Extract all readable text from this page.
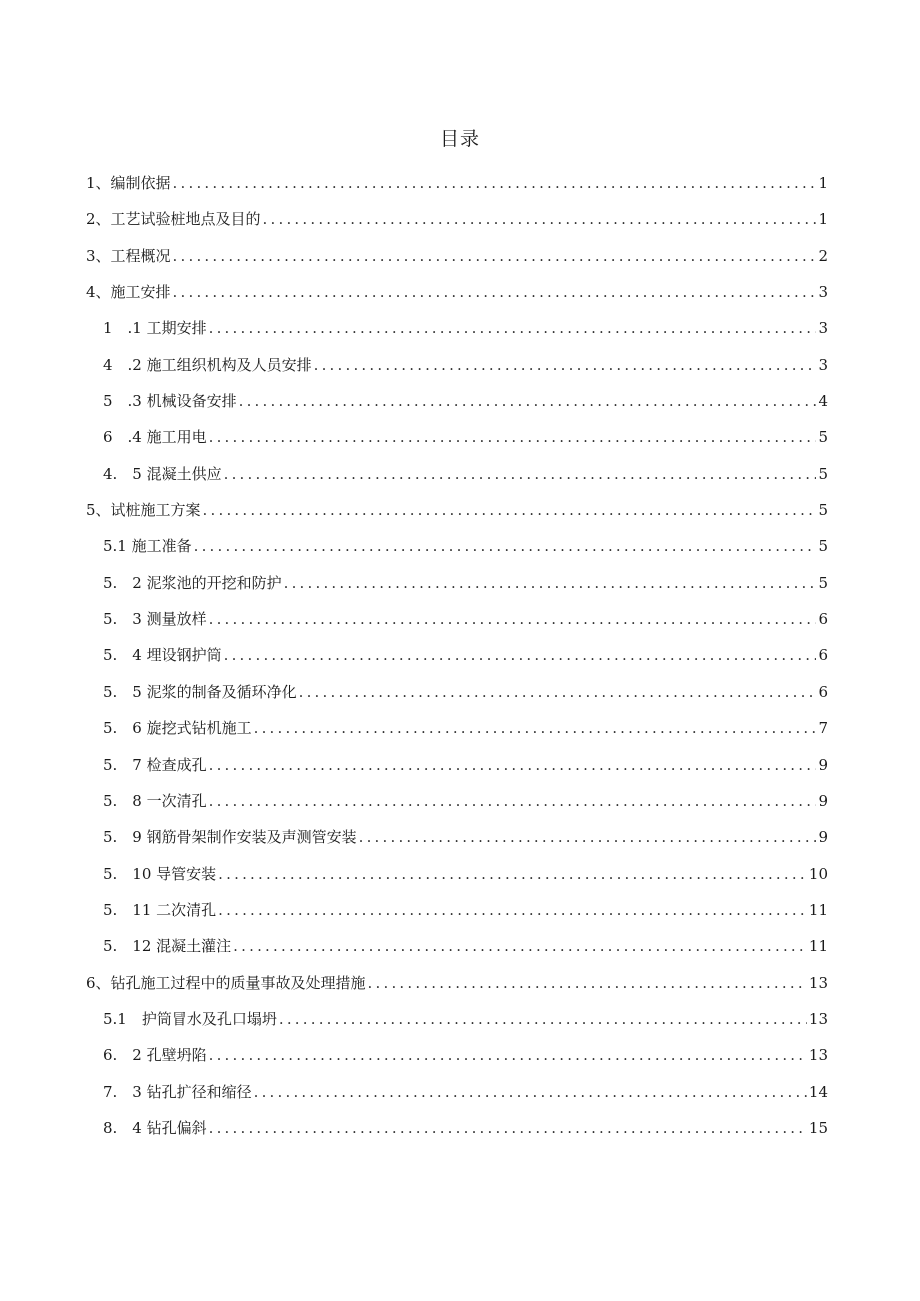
目录
1、编制依据 .....	1
2、工艺试验桩地点及目的 .....	1
3、工程概况 .....	2
4、施工安排 .....	3
1　.1 工期安排 .....	3
4　.2 施工组织机构及人员安排 .....	3
5　.3 机械设备安排 .....	4
6　.4 施工用电 .....	5
4.　5 混凝土供应 .....	5
5、试桩施工方案 .....	5
5.1 施工准备 .....	5
5.　2 泥浆池的开挖和防护 .....	5
5.　3 测量放样 .....	6
5.　4 埋设钢护筒 .....	6
5.　5 泥浆的制备及循环净化 .....	6
5.　6 旋挖式钻机施工 .....	7
5.　7 检查成孔 .....	9
5.　8 一次清孔 .....	9
5.　9 钢筋骨架制作安装及声测管安装 .....	9
5.　10 导管安装 .....	10
5.　11 二次清孔 .....	11
5.　12 混凝土灌注 .....	11
6、钻孔施工过程中的质量事故及处理措施 .....	13
5.1　护筒冒水及孔口塌坍 .....	13
6.　2 孔壁坍陷 .....	13
7.　3 钻孔扩径和缩径 .....	14
8.　4 钻孔偏斜 .....	15
